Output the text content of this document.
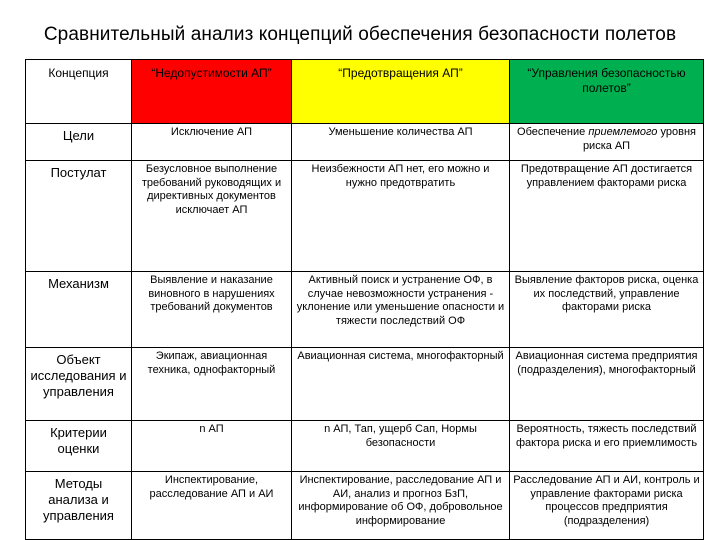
Сравнительный анализ концепций обеспечения безопасности полетов
Концепция	“Недопустимости АП”	“Предотвращения АП”	“Управления безопасностью полетов”
Цели	Исключение АП	Уменьшение количества АП	Обеспечение приемлемого уровня риска АП
Постулат	Безусловное выполнение требований руководящих и директивных документов исключает АП	Неизбежности АП нет, его можно и нужно предотвратить	Предотвращение АП достигается управлением факторами риска
Механизм	Выявление и наказание виновного в нарушениях требований документов	Активный поиск и устранение ОФ, в случае невозможности устранения - уклонение или уменьшение опасности и тяжести последствий ОФ	Выявление факторов риска, оценка их последствий, управление факторами риска
Объект исследования и управления	Экипаж, авиационная техника, однофакторный	Авиационная система, многофакторный	Авиационная система предприятия (подразделения), многофакторный
Критерии оценки	n АП	n АП, Тап, ущерб Сап, Нормы безопасности	Вероятность, тяжесть последствий фактора риска и его приемлимость
Методы анализа и управления	Инспектирование, расследование АП и АИ	Инспектирование, расследование АП и АИ, анализ и прогноз БзП, информирование об ОФ, добровольное информирование	Расследование АП и АИ, контроль и управление факторами риска процессов предприятия (подразделения)
